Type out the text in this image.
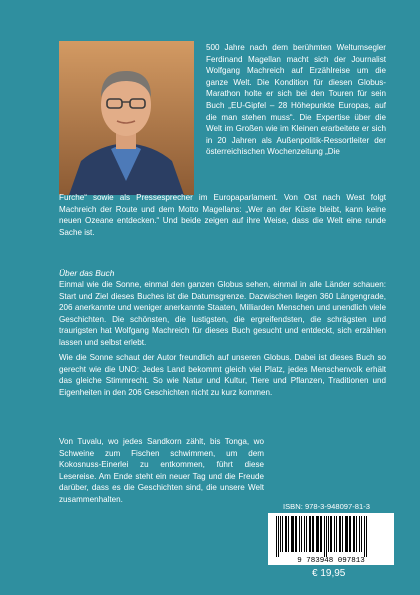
500 Jahre nach dem berühmten Weltumsegler Ferdinand Magellan macht sich der Journalist Wolfgang Machreich auf Erzählreise um die ganze Welt. Die Kondition für diesen Globus-Marathon holte er sich bei den Touren für sein Buch „EU-Gipfel – 28 Höhepunkte Europas, auf die man stehen muss“. Die Expertise über die Welt im Großen wie im Kleinen erarbeitete er sich in 20 Jahren als Außenpolitik-Ressortleiter der österreichischen Wochenzeitung „Die
Furche“ sowie als Pressesprecher im Europaparlament. Von Ost nach West folgt Machreich der Route und dem Motto Magellans: „Wer an der Küste bleibt, kann keine neuen Ozeane entdecken.“ Und beide zeigen auf ihre Weise, dass die Welt eine runde Sache ist.
Über das Buch

Einmal wie die Sonne, einmal den ganzen Globus sehen, einmal in alle Länder schauen: Start und Ziel dieses Buches ist die Datumsgrenze. Dazwischen liegen 360 Längengrade, 206 anerkannte und weniger anerkannte Staaten, Milliarden Menschen und unendlich viele Geschichten. Die schönsten, die lustigsten, die ergreifendsten, die schrägsten und traurigsten hat Wolfgang Machreich für dieses Buch gesucht und entdeckt, sich erzählen lassen und selbst erlebt.

Wie die Sonne schaut der Autor freundlich auf unseren Globus. Dabei ist dieses Buch so gerecht wie die UNO: Jedes Land bekommt gleich viel Platz, jedes Menschenvolk erhält das gleiche Stimmrecht. So wie Natur und Kultur, Tiere und Pflanzen, Traditionen und Eigenheiten in den 206 Geschichten nicht zu kurz kommen.

Von Tuvalu, wo jedes Sandkorn zählt, bis Tonga, wo Schweine zum Fischen schwimmen, um dem Kokosnuss-Einerlei zu entkommen, führt diese Lesereise. Am Ende steht ein neuer Tag und die Freude darüber, dass es die Geschichten sind, die unsere Welt zusammenhalten.

ISBN: 978-3-948097-81-3
9 783948 097813
€ 19,95
